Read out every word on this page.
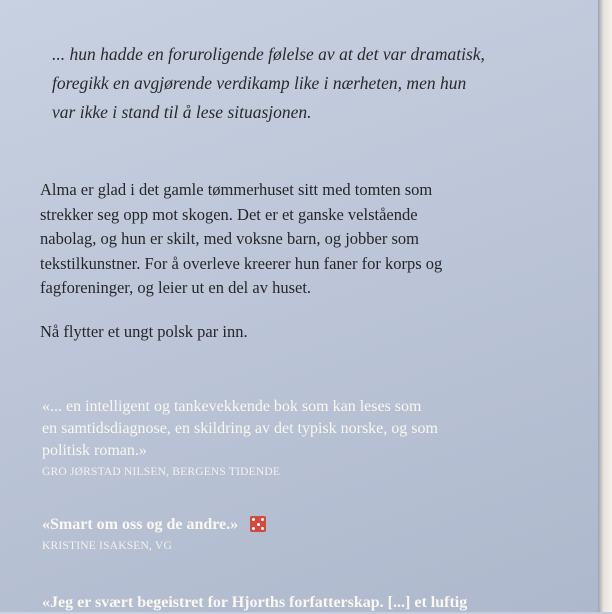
... hun hadde en foruroligende følelse av at det var dramatisk,
foregikk en avgjørende verdikamp like i nærheten, men hun
var ikke i stand til å lese situasjonen.

Alma er glad i det gamle tømmerhuset sitt med tomten som
strekker seg opp mot skogen. Det er et ganske velstående
nabolag, og hun er skilt, med voksne barn, og jobber som
tekstilkunstner. For å overleve kreerer hun faner for korps og
fagforeninger, og leier ut en del av huset.

Nå flytter et ungt polsk par inn.

«... en intelligent og tankevekkende bok som kan leses som
en samtidsdiagnose, en skildring av det typisk norske, og som
politisk roman.»

GRO JØRSTAD NILSEN, BERGENS TIDENDE

«Smart om oss og de andre.»

KRISTINE ISAKSEN, VG

«Jeg er svært begeistret for Hjorths forfatterskap. [...] et luftig
